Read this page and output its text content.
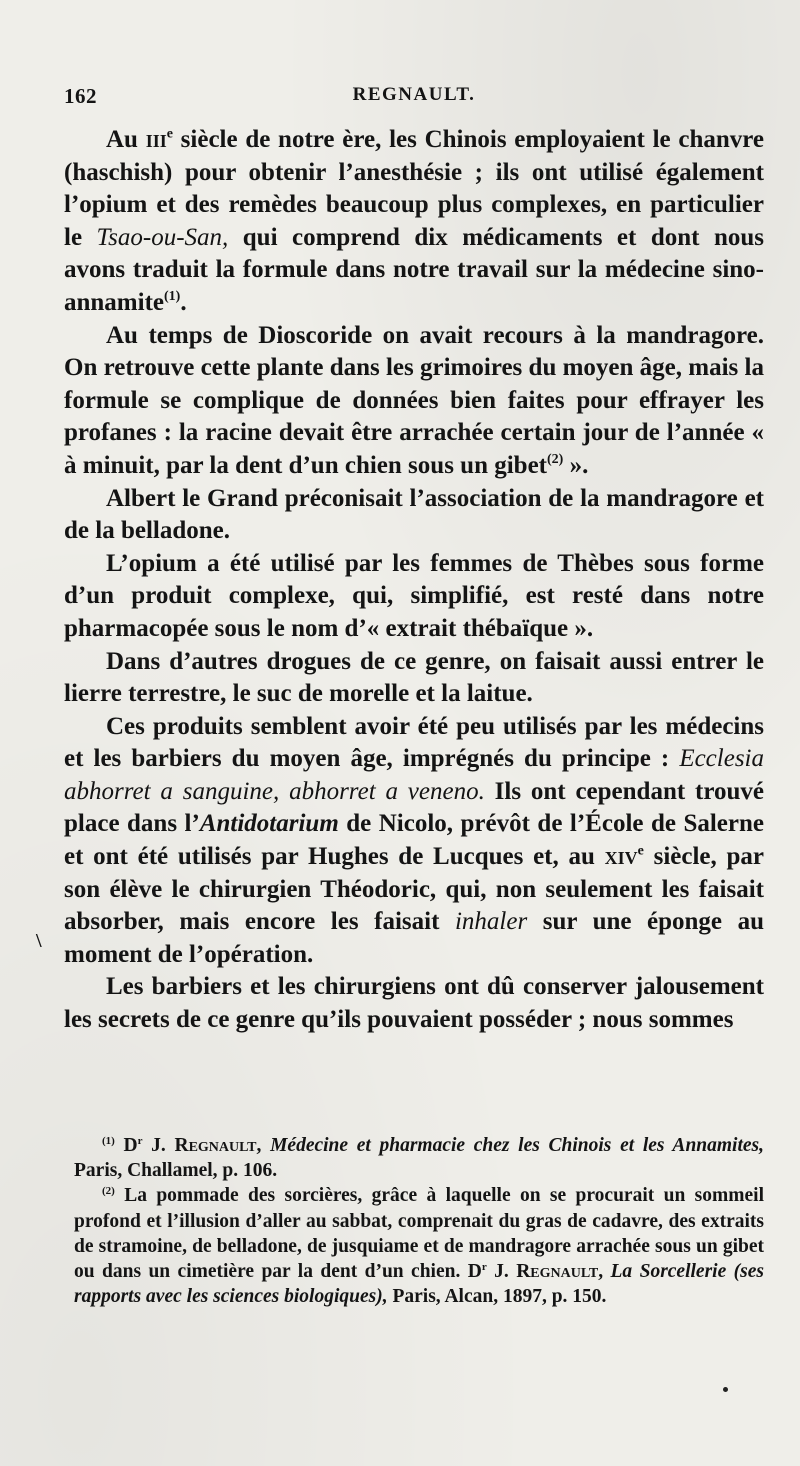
162	REGNAULT.

Au iii$^e$ siècle de notre ère, les Chinois employaient le chanvre (haschish) pour obtenir l’anesthésie ; ils ont utilisé également l’opium et des remèdes beaucoup plus complexes, en particulier le Tsao-ou-San, qui comprend dix médicaments et dont nous avons traduit la formule dans notre travail sur la médecine sino-annamite$^{(1)}$.

Au temps de Dioscoride on avait recours à la mandragore. On retrouve cette plante dans les grimoires du moyen âge, mais la formule se complique de données bien faites pour effrayer les profanes : la racine devait être arrachée certain jour de l’année « à minuit, par la dent d’un chien sous un gibet$^{(2)}$ ».

Albert le Grand préconisait l’association de la mandragore et de la belladone.

L’opium a été utilisé par les femmes de Thèbes sous forme d’un produit complexe, qui, simplifié, est resté dans notre pharmacopée sous le nom d’« extrait thébaïque ».

Dans d’autres drogues de ce genre, on faisait aussi entrer le lierre terrestre, le suc de morelle et la laitue.

Ces produits semblent avoir été peu utilisés par les médecins et les barbiers du moyen âge, imprégnés du principe : Ecclesia abhorret a sanguine, abhorret a veneno. Ils ont cependant trouvé place dans l’Antidotarium de Nicolo, prévôt de l’École de Salerne et ont été utilisés par Hughes de Lucques et, au xiv$^e$ siècle, par son élève le chirurgien Théodoric, qui, non seulement les faisait absorber, mais encore les faisait inhaler sur une éponge au moment de l’opération.

Les barbiers et les chirurgiens ont dû conserver jalousement les secrets de ce genre qu’ils pouvaient posséder ; nous sommes

\

$^{(1)}$ $D^r$ J. Regnault, Médecine et pharmacie chez les Chinois et les Annamites, Paris, Challamel, p. 106.

$^{(2)}$ La pommade des sorcières, grâce à laquelle on se procurait un sommeil profond et l’illusion d’aller au sabbat, comprenait du gras de cadavre, des extraits de stramoine, de belladone, de jusquiame et de mandragore arrachée sous un gibet ou dans un cimetière par la dent d’un chien. $D^r$ J. Regnault, La Sorcellerie (ses rapports avec les sciences biologiques), Paris, Alcan, 1897, p. 150.
